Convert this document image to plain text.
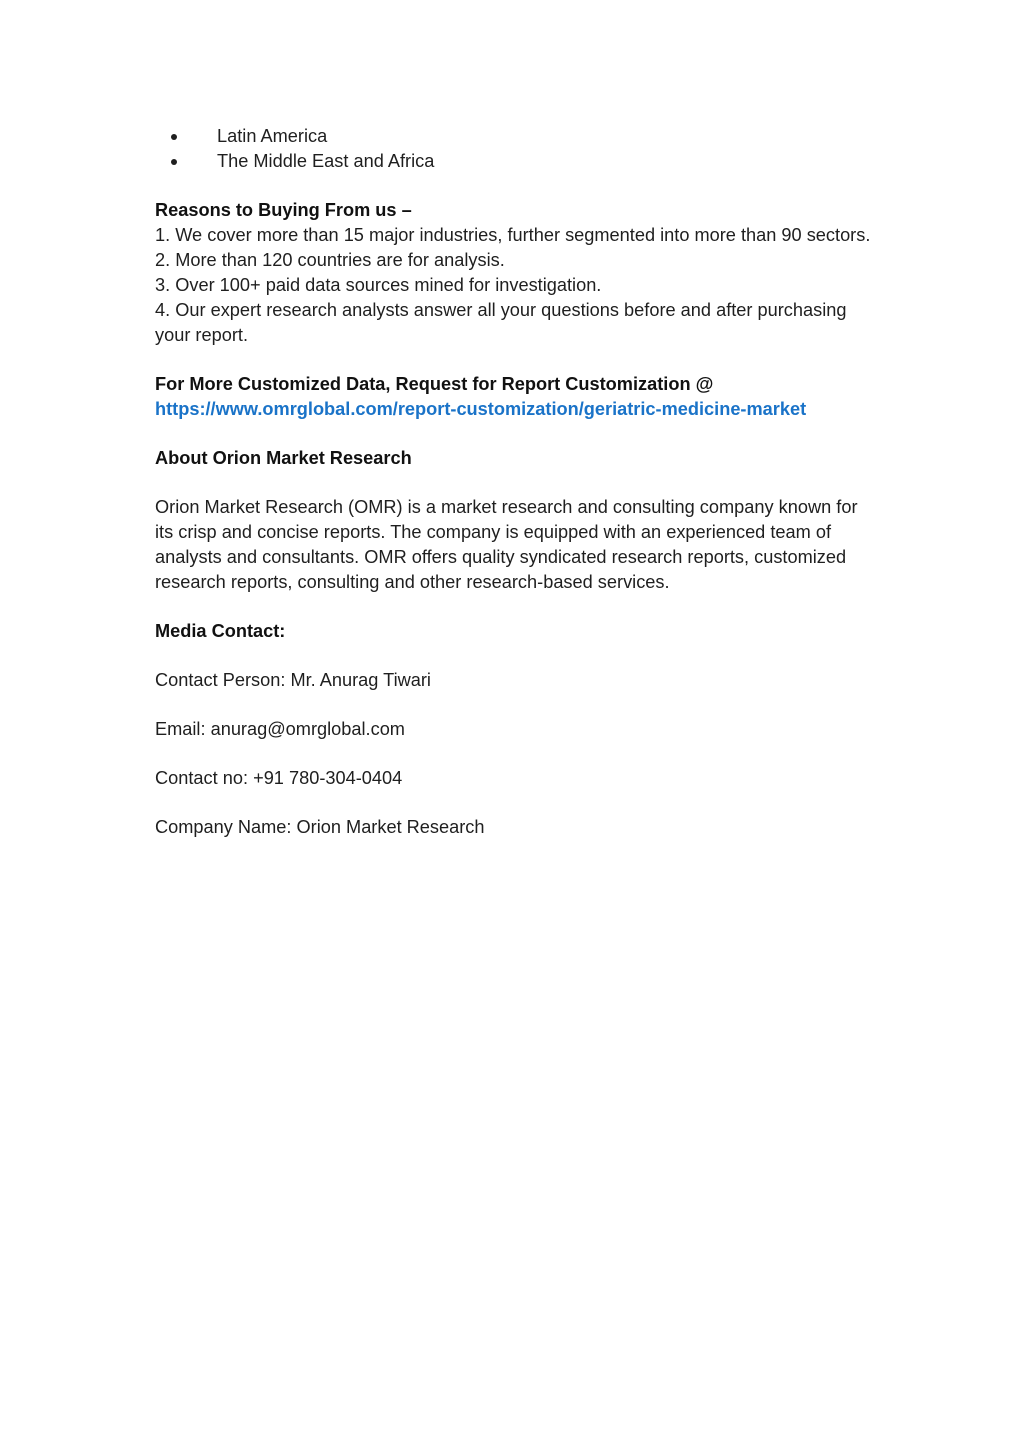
Latin America
The Middle East and Africa

Reasons to Buying From us –

1. We cover more than 15 major industries, further segmented into more than 90 sectors.

2. More than 120 countries are for analysis.

3. Over 100+ paid data sources mined for investigation.

4. Our expert research analysts answer all your questions before and after purchasing your report.

For More Customized Data, Request for Report Customization @

https://www.omrglobal.com/report-customization/geriatric-medicine-market

About Orion Market Research

Orion Market Research (OMR) is a market research and consulting company known for its crisp and concise reports. The company is equipped with an experienced team of analysts and consultants. OMR offers quality syndicated research reports, customized research reports, consulting and other research-based services.

Media Contact:

Contact Person: Mr. Anurag Tiwari

Email: anurag@omrglobal.com

Contact no: +91 780-304-0404

Company Name: Orion Market Research
